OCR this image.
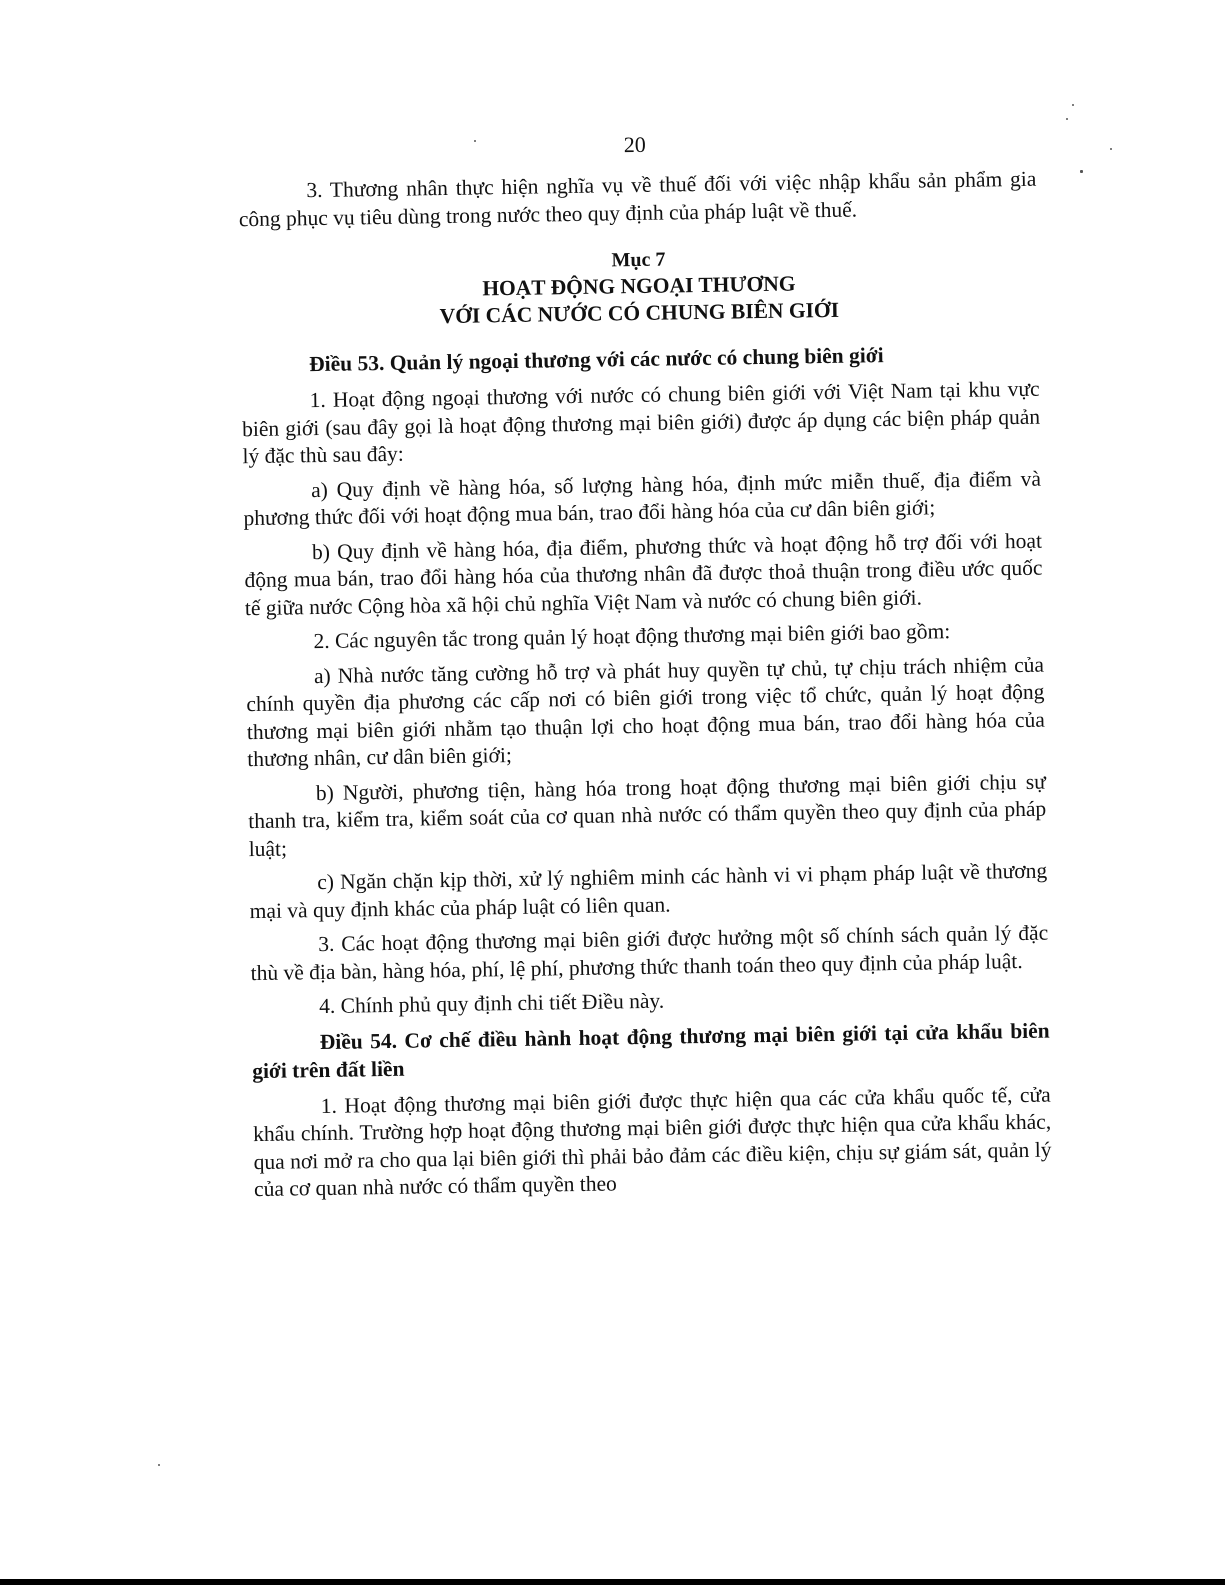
20

3. Thương nhân thực hiện nghĩa vụ về thuế đối với việc nhập khẩu sản phẩm gia công phục vụ tiêu dùng trong nước theo quy định của pháp luật về thuế.

Mục 7
HOẠT ĐỘNG NGOẠI THƯƠNG
VỚI CÁC NƯỚC CÓ CHUNG BIÊN GIỚI
Điều 53. Quản lý ngoại thương với các nước có chung biên giới

1. Hoạt động ngoại thương với nước có chung biên giới với Việt Nam tại khu vực biên giới (sau đây gọi là hoạt động thương mại biên giới) được áp dụng các biện pháp quản lý đặc thù sau đây:

a) Quy định về hàng hóa, số lượng hàng hóa, định mức miễn thuế, địa điểm và phương thức đối với hoạt động mua bán, trao đổi hàng hóa của cư dân biên giới;

b) Quy định về hàng hóa, địa điểm, phương thức và hoạt động hỗ trợ đối với hoạt động mua bán, trao đổi hàng hóa của thương nhân đã được thoả thuận trong điều ước quốc tế giữa nước Cộng hòa xã hội chủ nghĩa Việt Nam và nước có chung biên giới.

2. Các nguyên tắc trong quản lý hoạt động thương mại biên giới bao gồm:

a) Nhà nước tăng cường hỗ trợ và phát huy quyền tự chủ, tự chịu trách nhiệm của chính quyền địa phương các cấp nơi có biên giới trong việc tổ chức, quản lý hoạt động thương mại biên giới nhằm tạo thuận lợi cho hoạt động mua bán, trao đổi hàng hóa của thương nhân, cư dân biên giới;

b) Người, phương tiện, hàng hóa trong hoạt động thương mại biên giới chịu sự thanh tra, kiểm tra, kiểm soát của cơ quan nhà nước có thẩm quyền theo quy định của pháp luật;

c) Ngăn chặn kịp thời, xử lý nghiêm minh các hành vi vi phạm pháp luật về thương mại và quy định khác của pháp luật có liên quan.

3. Các hoạt động thương mại biên giới được hưởng một số chính sách quản lý đặc thù về địa bàn, hàng hóa, phí, lệ phí, phương thức thanh toán theo quy định của pháp luật.

4. Chính phủ quy định chi tiết Điều này.

Điều 54. Cơ chế điều hành hoạt động thương mại biên giới tại cửa khẩu biên giới trên đất liền

1. Hoạt động thương mại biên giới được thực hiện qua các cửa khẩu quốc tế, cửa khẩu chính. Trường hợp hoạt động thương mại biên giới được thực hiện qua cửa khẩu khác, qua nơi mở ra cho qua lại biên giới thì phải bảo đảm các điều kiện, chịu sự giám sát, quản lý của cơ quan nhà nước có thẩm quyền theo
